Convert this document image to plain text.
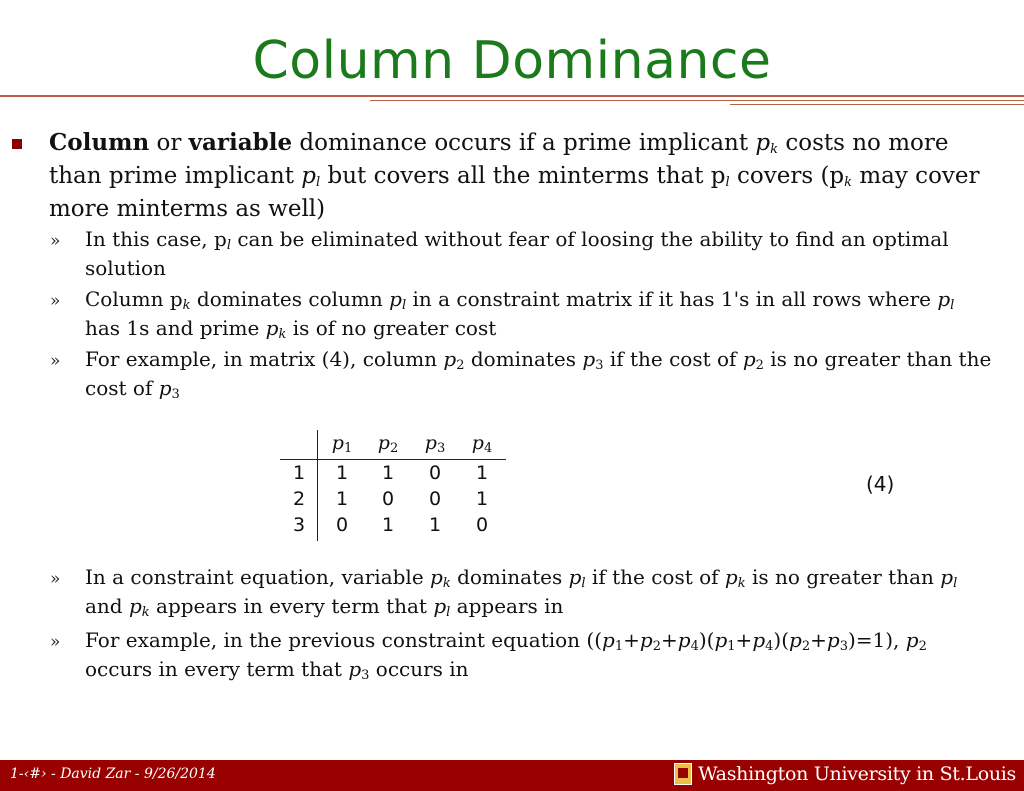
Column Dominance
Column or variable dominance occurs if a prime implicant $p_k$ costs no more than prime implicant $p_l$ but covers all the minterms that $p_l$ covers ($p_k$ may cover more minterms as well)
» In this case, $p_l$ can be eliminated without fear of loosing the ability to find an optimal solution
» Column $p_k$ dominates column $p_l$ in a constraint matrix if it has 1's in all rows where $p_l$ has 1s and prime $p_k$ is of no greater cost
» For example, in matrix (4), column $p_2$ dominates $p_3$ if the cost of $p_2$ is no greater than the cost of $p_3$
$p_1$ $p_2$ $p_3$ $p_4$
1	1	1	0	1
2	1	0	0	1
3	0	1	1	0
(4)
» In a constraint equation, variable $p_k$ dominates $p_l$ if the cost of $p_k$ is no greater than $p_l$ and $p_k$ appears in every term that $p_l$ appears in
» For example, in the previous constraint equation $((p_1+p_2+p_4)(p_1+p_4)(p_2+p_3)=1)$, $p_2$ occurs in every term that $p_3$ occurs in
1-‹#› - David Zar - 9/26/2014	Washington University in St.Louis
